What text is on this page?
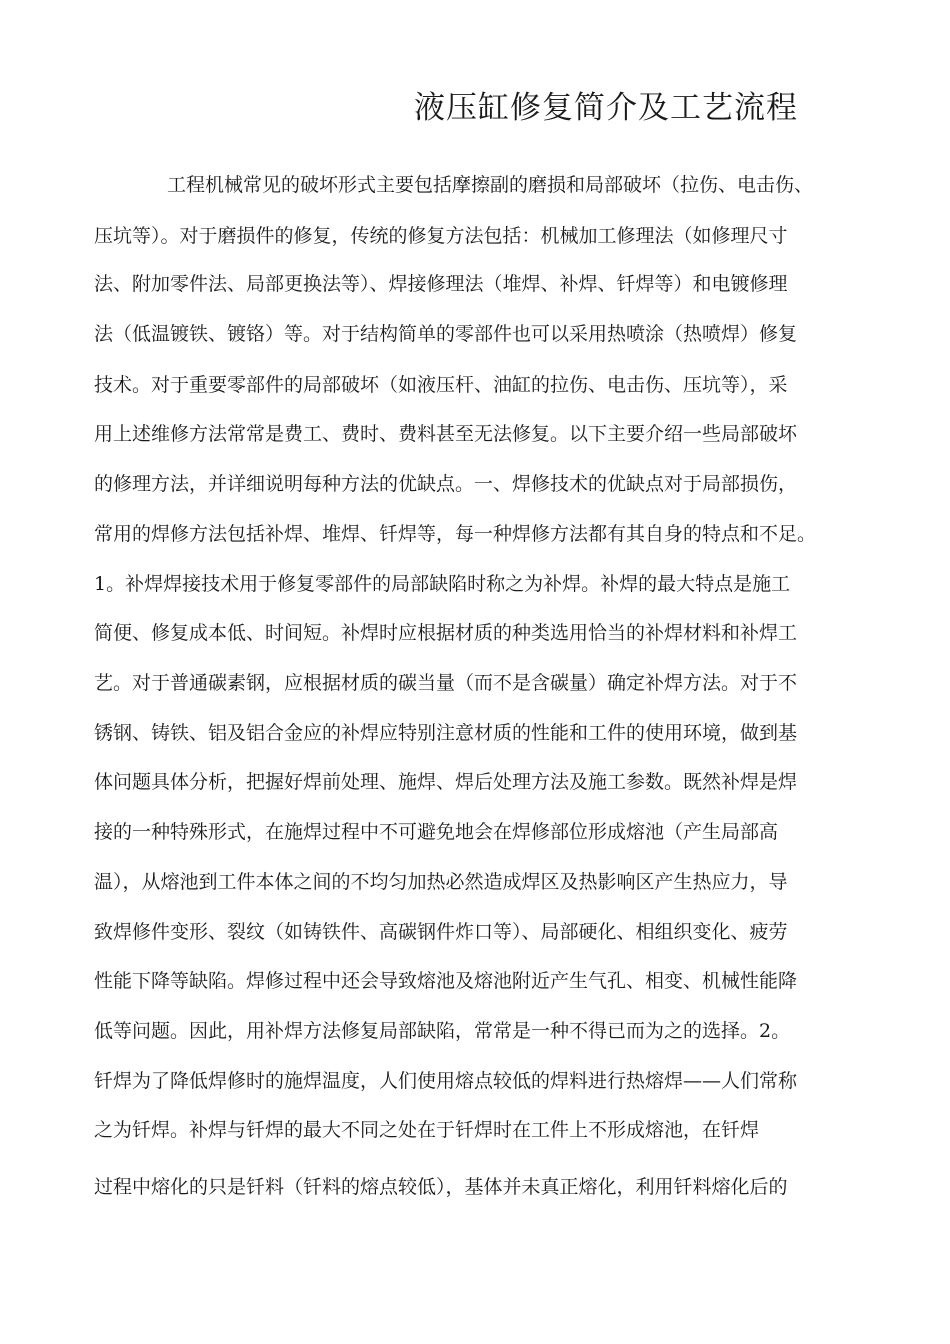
液压缸修复简介及工艺流程
工程机械常见的破坏形式主要包括摩擦副的磨损和局部破坏（拉伤、电击伤、
压坑等）。对于磨损件的修复，传统的修复方法包括：机械加工修理法（如修理尺寸
法、附加零件法、局部更换法等）、焊接修理法（堆焊、补焊、钎焊等）和电镀修理
法（低温镀铁、镀铬）等。对于结构简单的零部件也可以采用热喷涂（热喷焊）修复
技术。对于重要零部件的局部破坏（如液压杆、油缸的拉伤、电击伤、压坑等），采
用上述维修方法常常是费工、费时、费料甚至无法修复。以下主要介绍一些局部破坏
的修理方法，并详细说明每种方法的优缺点。一、焊修技术的优缺点对于局部损伤，
常用的焊修方法包括补焊、堆焊、钎焊等，每一种焊修方法都有其自身的特点和不足。
1。补焊焊接技术用于修复零部件的局部缺陷时称之为补焊。补焊的最大特点是施工
简便、修复成本低、时间短。补焊时应根据材质的种类选用恰当的补焊材料和补焊工
艺。对于普通碳素钢，应根据材质的碳当量（而不是含碳量）确定补焊方法。对于不
锈钢、铸铁、铝及铝合金应的补焊应特别注意材质的性能和工件的使用环境，做到基
体问题具体分析，把握好焊前处理、施焊、焊后处理方法及施工参数。既然补焊是焊
接的一种特殊形式，在施焊过程中不可避免地会在焊修部位形成熔池（产生局部高
温），从熔池到工件本体之间的不均匀加热必然造成焊区及热影响区产生热应力，导
致焊修件变形、裂纹（如铸铁件、高碳钢件炸口等）、局部硬化、相组织变化、疲劳
性能下降等缺陷。焊修过程中还会导致熔池及熔池附近产生气孔、相变、机械性能降
低等问题。因此，用补焊方法修复局部缺陷，常常是一种不得已而为之的选择。2。
钎焊为了降低焊修时的施焊温度，人们使用熔点较低的焊料进行热熔焊——人们常称
之为钎焊。补焊与钎焊的最大不同之处在于钎焊时在工件上不形成熔池，在钎焊
过程中熔化的只是钎料（钎料的熔点较低），基体并未真正熔化，利用钎料熔化后的
